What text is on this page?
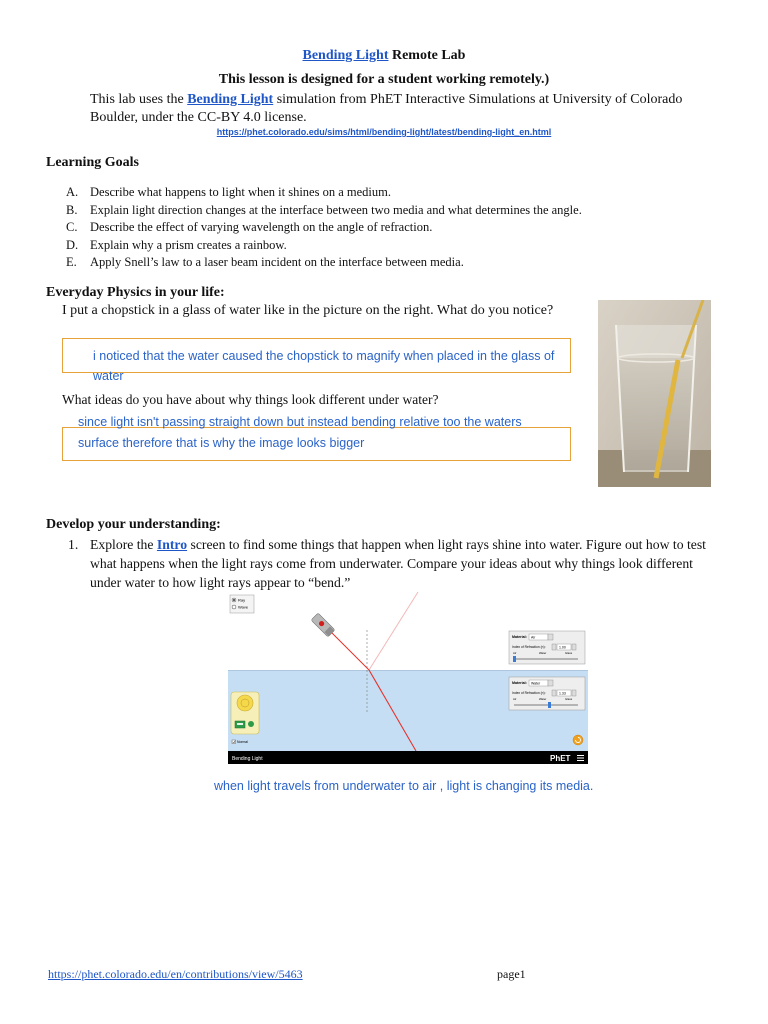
Bending Light Remote Lab
This lesson is designed for a student working remotely.)
This lab uses the Bending Light simulation from PhET Interactive Simulations at University of Colorado Boulder, under the CC-BY 4.0 license.
https://phet.colorado.edu/sims/html/bending-light/latest/bending-light_en.html
Learning Goals
A. Describe what happens to light when it shines on a medium.
B. Explain light direction changes at the interface between two media and what determines the angle.
C. Describe the effect of varying wavelength on the angle of refraction.
D. Explain why a prism creates a rainbow.
E. Apply Snell’s law to a laser beam incident on the interface between media.
Everyday Physics in your life:
I put a chopstick in a glass of water like in the picture on the right. What do you notice?
i noticed that the water caused the chopstick to magnify when placed in the glass of water
What ideas do you have about why things look different under water?
since light isn't passing straight down but instead bending relative too the waters surface therefore that is why the image looks bigger
Develop your understanding:
1. Explore the Intro screen to find some things that happen when light rays shine into water. Figure out how to test what happens when the light rays come from underwater. Compare your ideas about why things look different under water to how light rays appear to “bend.”
Ray
Wave
Material: Air
Index of Refraction (n):	1.00
Air	Water	Glass
Material: Water
Index of Refraction (n):	1.33
Air	Water	Glass
Normal
Bending Light	PhET
when light travels from underwater to air , light is changing its media.
https://phet.colorado.edu/en/contributions/view/5463	page1
